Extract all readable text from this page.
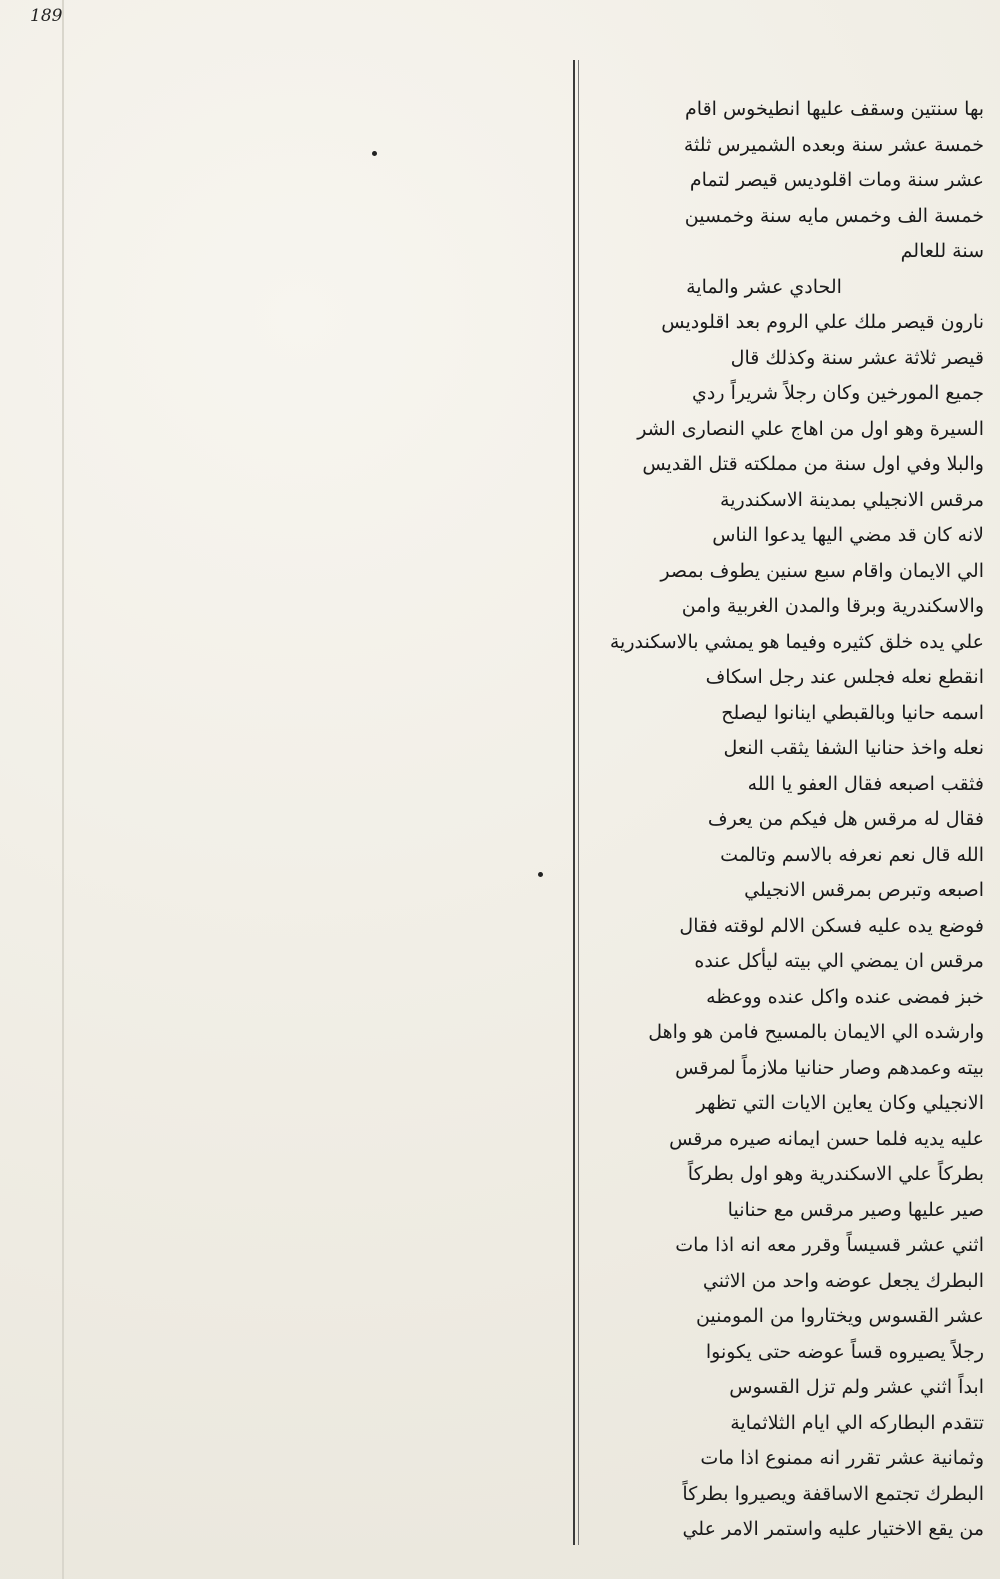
189
بها سنتين وسقف عليها انطيخوس اقام
خمسة عشر سنة وبعده الشميرس ثلثة
عشر سنة ومات اقلوديس قيصر لتمام
خمسة الف وخمس مايه سنة وخمسين
سنة للعالم
الحادي عشر والماية
نارون قيصر ملك علي الروم بعد اقلوديس
قيصر ثلاثة عشر سنة وكذلك قال
جميع المورخين وكان رجلاً شريراً ردي
السيرة وهو اول من اهاج علي النصارى الشر
والبلا وفي اول سنة من مملكته قتل القديس
مرقس الانجيلي بمدينة الاسكندرية
لانه كان قد مضي اليها يدعوا الناس
الي الايمان واقام سبع سنين يطوف بمصر
والاسكندرية وبرقا والمدن الغربية وامن
علي يده خلق كثيره وفيما هو يمشي بالاسكندرية
انقطع نعله فجلس عند رجل اسكاف
اسمه حانيا وبالقبطي اينانوا ليصلح
نعله واخذ حنانيا الشفا يثقب النعل
فثقب اصبعه فقال العفو يا الله
فقال له مرقس هل فيكم من يعرف
الله قال نعم نعرفه بالاسم وتالمت
اصبعه وتبرص بمرقس الانجيلي
فوضع يده عليه فسكن الالم لوقته فقال
مرقس ان يمضي الي بيته ليأكل عنده
خبز فمضى عنده واكل عنده ووعظه
وارشده الي الايمان بالمسيح فامن هو واهل
بيته وعمدهم وصار حنانيا ملازماً لمرقس
الانجيلي وكان يعاين الايات التي تظهر
عليه يديه فلما حسن ايمانه صيره مرقس
بطركاً علي الاسكندرية وهو اول بطركاً
صير عليها وصير مرقس مع حنانيا
اثني عشر قسيساً وقرر معه انه اذا مات
البطرك يجعل عوضه واحد من الاثني
عشر القسوس ويختاروا من المومنين
رجلاً يصيروه قساً عوضه حتى يكونوا
ابداً اثني عشر ولم تزل القسوس
تتقدم البطاركه الي ايام الثلاثماية
وثمانية عشر تقرر انه ممنوع اذا مات
البطرك تجتمع الاساقفة ويصيروا بطركاً
من يقع الاختيار عليه واستمر الامر علي
